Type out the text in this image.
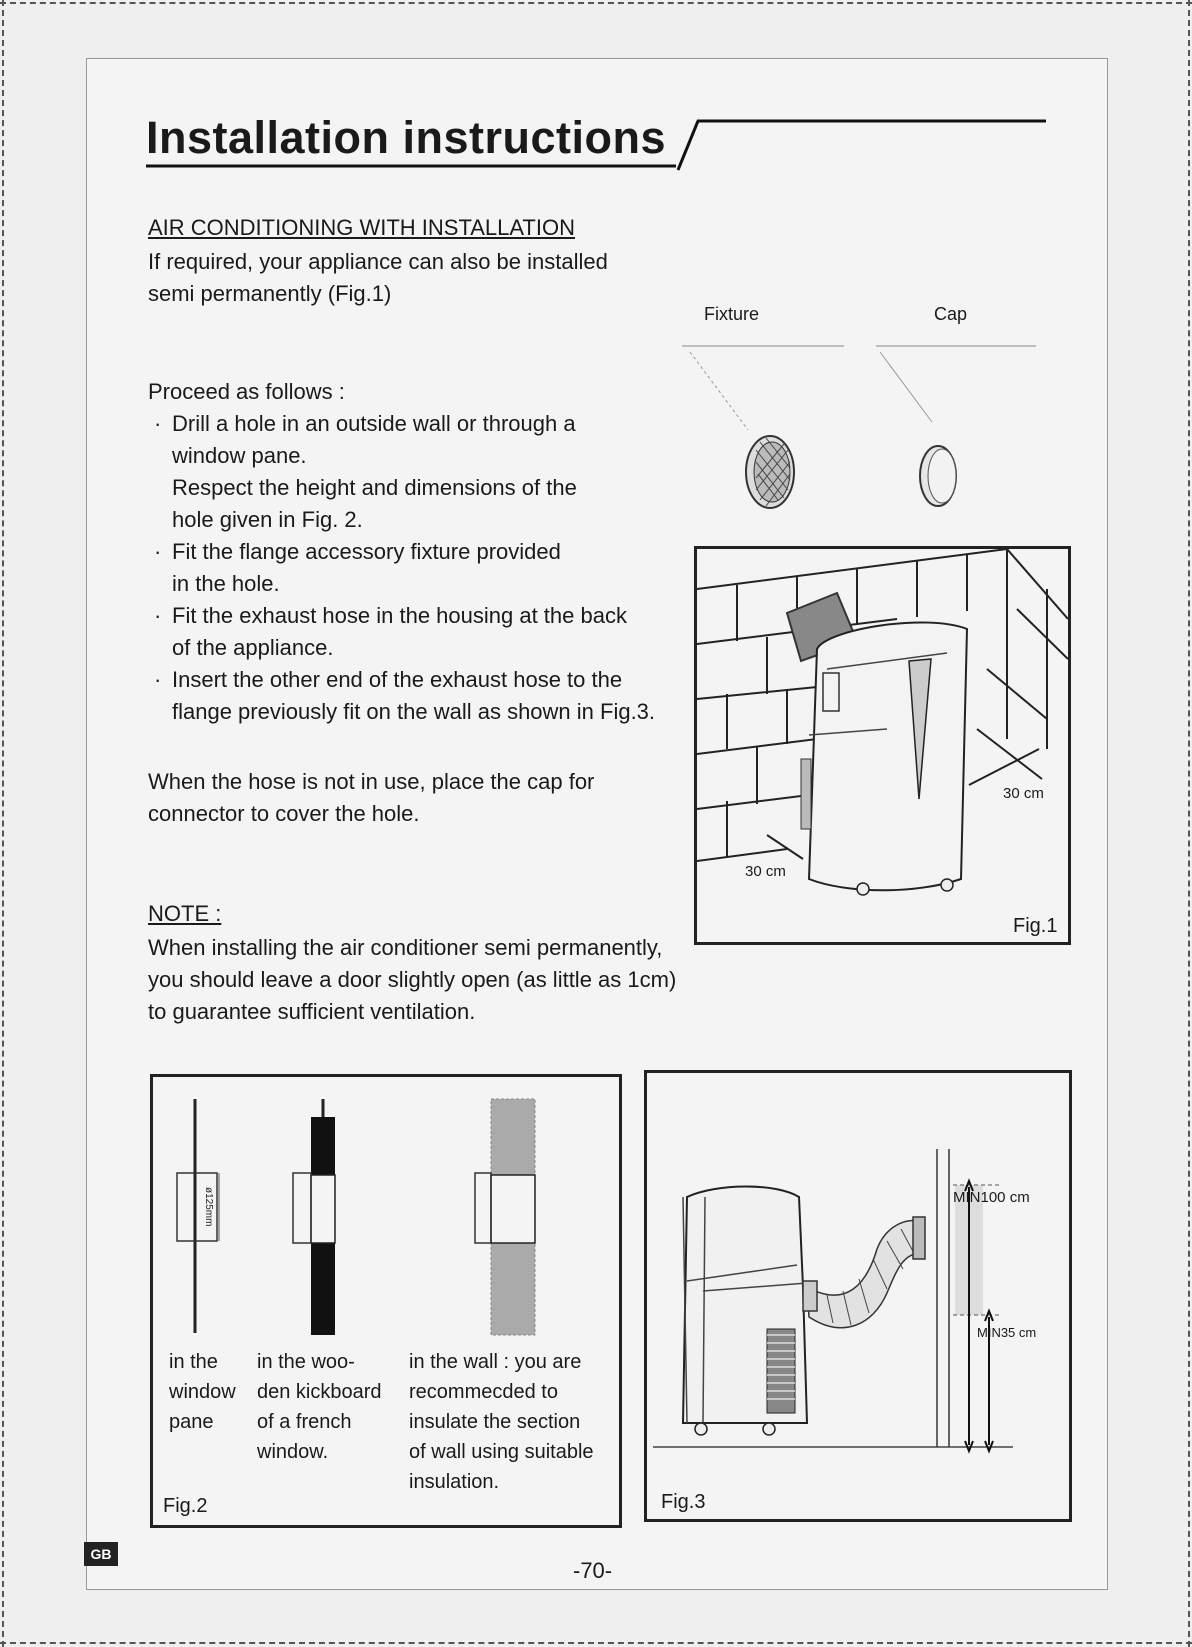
Installation instructions

AIR CONDITIONING WITH INSTALLATION

If required, your appliance can also be installed
semi permanently (Fig.1)

Proceed as follows :

· Drill a hole in an outside wall or through a
window pane.
Respect the height and dimensions of the
hole given in Fig. 2.
· Fit the flange accessory fixture provided
in the hole.
· Fit the exhaust hose in the housing at the back
of the appliance.
· Insert the other end of the exhaust hose to the
flange previously fit on the wall as shown in Fig.3.

When the hose is not in use, place the cap for
connector to cover the hole.

NOTE :

When installing the air conditioner semi permanently,
you should leave a door slightly open (as little as 1cm)
to guarantee sufficient ventilation.

Fixture	Cap
30 cm
30 cm
Fig.1
ø125mm

in the
window
pane

in the woo-
den kickboard
of a french
window.

in the wall : you are
recommecded to
insulate the section
of wall using suitable
insulation.

Fig.2
MIN100 cm
MIN35 cm
Fig.3
GB
-70-
